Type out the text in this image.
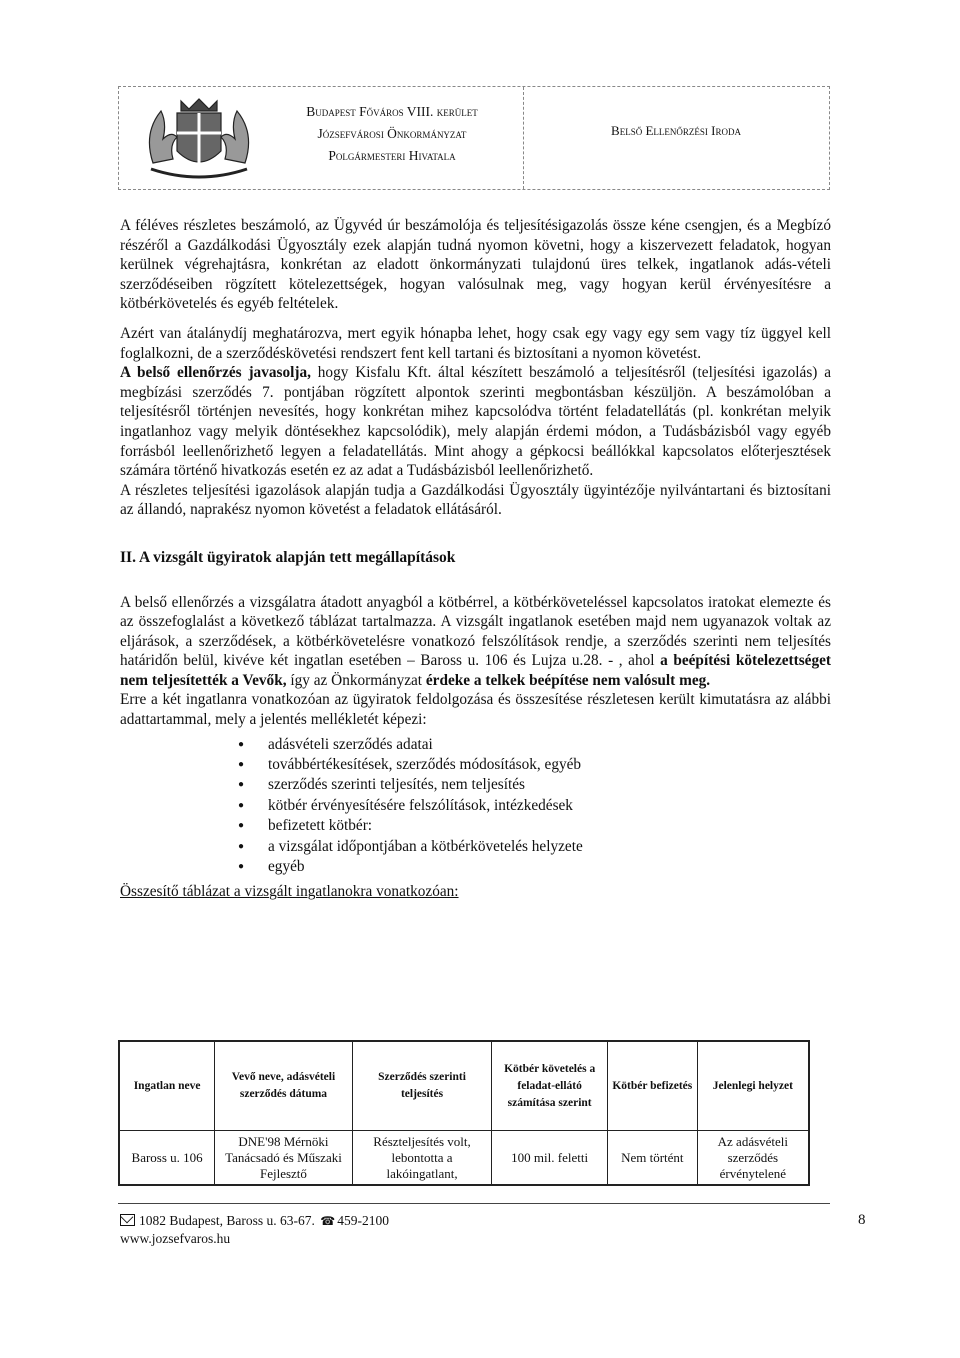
Budapest Főváros VIII. kerület
Józsefvárosi Önkormányzat
Polgármesteri Hivatala
Belső Ellenőrzési Iroda

A féléves részletes beszámoló, az Ügyvéd úr beszámolója és teljesítésigazolás össze kéne csengjen, és a Megbízó részéről a Gazdálkodási Ügyosztály ezek alapján tudná nyomon követni, hogy a kiszervezett feladatok, hogyan kerülnek végrehajtásra, konkrétan az eladott önkormányzati tulajdonú üres telkek, ingatlanok adás-vételi szerződéseiben rögzített kötelezettségek, hogyan valósulnak meg, vagy hogyan kerül érvényesítésre a kötbérkövetelés és egyéb feltételek.

Azért van átalánydíj meghatározva, mert egyik hónapba lehet, hogy csak egy vagy egy sem vagy tíz üggyel kell foglalkozni, de a szerződéskövetési rendszert fent kell tartani és biztosítani a nyomon követést.

A belső ellenőrzés javasolja, hogy Kisfalu Kft. által készített beszámoló a teljesítésről (teljesítési igazolás) a megbízási szerződés 7. pontjában rögzített alpontok szerinti megbontásban készüljön. A beszámolóban a teljesítésről történjen nevesítés, hogy konkrétan mihez kapcsolódva történt feladatellátás (pl. konkrétan melyik ingatlanhoz vagy melyik döntésekhez kapcsolódik), mely alapján érdemi módon, a Tudásbázisból vagy egyéb forrásból leellenőrizhető legyen a feladatellátás. Mint ahogy a gépkocsi beállókkal kapcsolatos előterjesztések számára történő hivatkozás esetén ez az adat a Tudásbázisból leellenőrizhető.

A részletes teljesítési igazolások alapján tudja a Gazdálkodási Ügyosztály ügyintézője nyilvántartani és biztosítani az állandó, naprakész nyomon követést a feladatok ellátásáról.

II. A vizsgált ügyiratok alapján tett megállapítások

A belső ellenőrzés a vizsgálatra átadott anyagból a kötbérrel, a kötbérköveteléssel kapcsolatos iratokat elemezte és az összefoglalást a következő táblázat tartalmazza. A vizsgált ingatlanok esetében majd nem ugyanazok voltak az eljárások, a szerződések, a kötbérkövetelésre vonatkozó felszólítások rendje, a szerződés szerinti nem teljesítés határidőn belül, kivéve két ingatlan esetében – Baross u. 106 és Lujza u.28. - , ahol a beépítési kötelezettséget nem teljesítették a Vevők, így az Önkormányzat érdeke a telkek beépítése nem valósult meg.

Erre a két ingatlanra vonatkozóan az ügyiratok feldolgozása és összesítése részletesen került kimutatásra az alábbi adattartammal, mely a jelentés mellékletét képezi:

● adásvételi szerződés adatai
● továbbértékesítések, szerződés módosítások, egyéb
● szerződés szerinti teljesítés, nem teljesítés
● kötbér érvényesítésére felszólítások, intézkedések
● befizetett kötbér:
● a vizsgálat időpontjában a kötbérkövetelés helyzete
● egyéb

Összesítő táblázat a vizsgált ingatlanokra vonatkozóan:

Ingatlan neve	Vevő neve, adásvételi szerződés dátuma	Szerződés szerinti teljesítés	Kötbér követelés a feladat-ellátó számítása szerint	Kötbér befizetés	Jelenlegi helyzet
Baross u. 106	DNE'98 Mérnöki Tanácsadó és Műszaki Fejlesztő	Részteljesítés volt, lebontotta a lakóingatlant,	100 mil. feletti	Nem történt	Az adásvételi szerződés érvénytelené
1082 Budapest, Baross u. 63-67. ☎ 459-2100
www.jozsefvaros.hu
8
